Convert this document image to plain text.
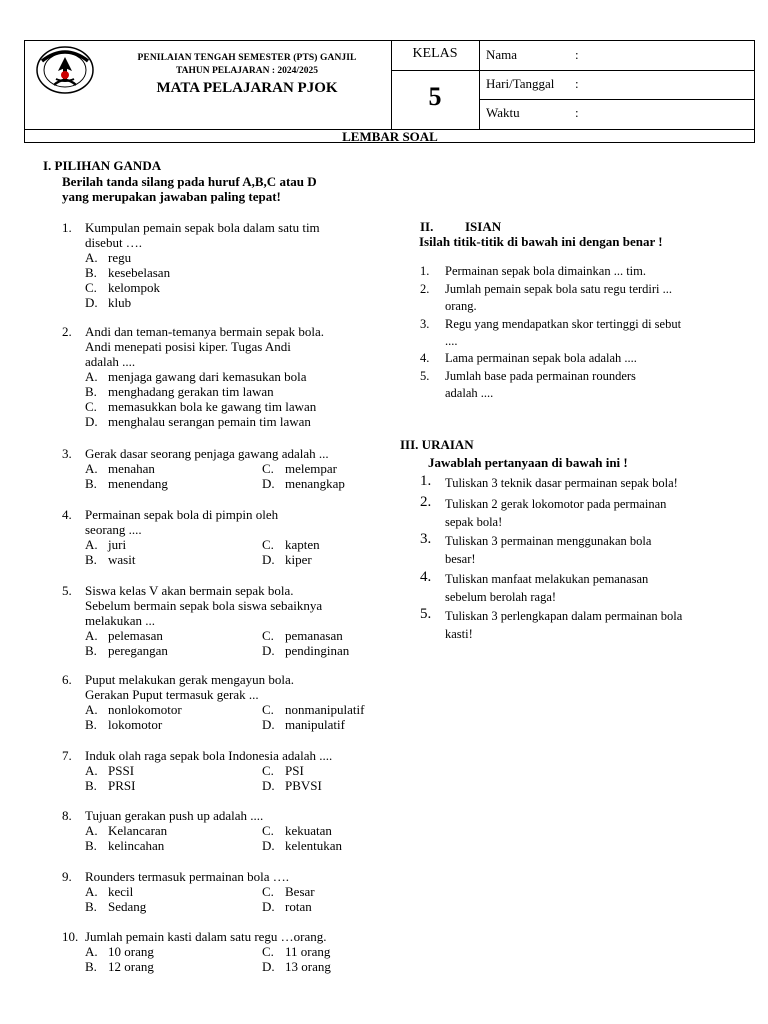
PENILAIAN TENGAH SEMESTER (PTS) GANJIL
TAHUN PELAJARAN : 2024/2025
MATA PELAJARAN PJOK
KELAS
5
Nama	:
Hari/Tanggal :
Waktu	:
LEMBAR SOAL
I. PILIHAN GANDA
Berilah tanda silang pada huruf A,B,C atau D
yang merupakan jawaban paling tepat!
1. Kumpulan pemain sepak bola dalam satu tim
disebut ….
A. regu
B. kesebelasan
C. kelompok
D. klub
2. Andi dan teman-temanya bermain sepak bola.
Andi menepati posisi kiper. Tugas Andi
adalah ....
A. menjaga gawang dari kemasukan bola
B. menghadang gerakan tim lawan
C. memasukkan bola ke gawang tim lawan
D. menghalau serangan pemain tim lawan
3. Gerak dasar seorang penjaga gawang adalah ...
A. menahan	C. melempar
B. menendang	D. menangkap
4. Permainan sepak bola di pimpin oleh
seorang ....
A. juri	C. kapten
B. wasit	D. kiper
5. Siswa kelas V akan bermain sepak bola.
Sebelum bermain sepak bola siswa sebaiknya
melakukan ...
A. pelemasan	C. pemanasan
B. peregangan	D. pendinginan
6. Puput melakukan gerak mengayun bola.
Gerakan Puput termasuk gerak ...
A. nonlokomotor	C. nonmanipulatif
B. lokomotor	D. manipulatif
7. Induk olah raga sepak bola Indonesia adalah ....
A. PSSI	C. PSI
B. PRSI	D. PBVSI
8. Tujuan gerakan push up adalah ....
A. Kelancaran	C. kekuatan
B. kelincahan	D. kelentukan
9. Rounders termasuk permainan bola ….
A. kecil	C. Besar
B. Sedang	D. rotan
10. Jumlah pemain kasti dalam satu regu …orang.
A. 10 orang	C. 11 orang
B. 12 orang	D. 13 orang
II. ISIAN
Isilah titik-titik di bawah ini dengan benar !
1. Permainan sepak bola dimainkan ... tim.
2. Jumlah pemain sepak bola satu regu terdiri ...
orang.
3. Regu yang mendapatkan skor tertinggi di sebut
....
4. Lama permainan sepak bola adalah ....
5. Jumlah base pada permainan rounders
adalah ....
III. URAIAN
Jawablah pertanyaan di bawah ini !
1. Tuliskan 3 teknik dasar permainan sepak bola!
2. Tuliskan 2 gerak lokomotor pada permainan
sepak bola!
3. Tuliskan 3 permainan menggunakan bola
besar!
4. Tuliskan manfaat melakukan pemanasan
sebelum berolah raga!
5. Tuliskan 3 perlengkapan dalam permainan bola
kasti!
